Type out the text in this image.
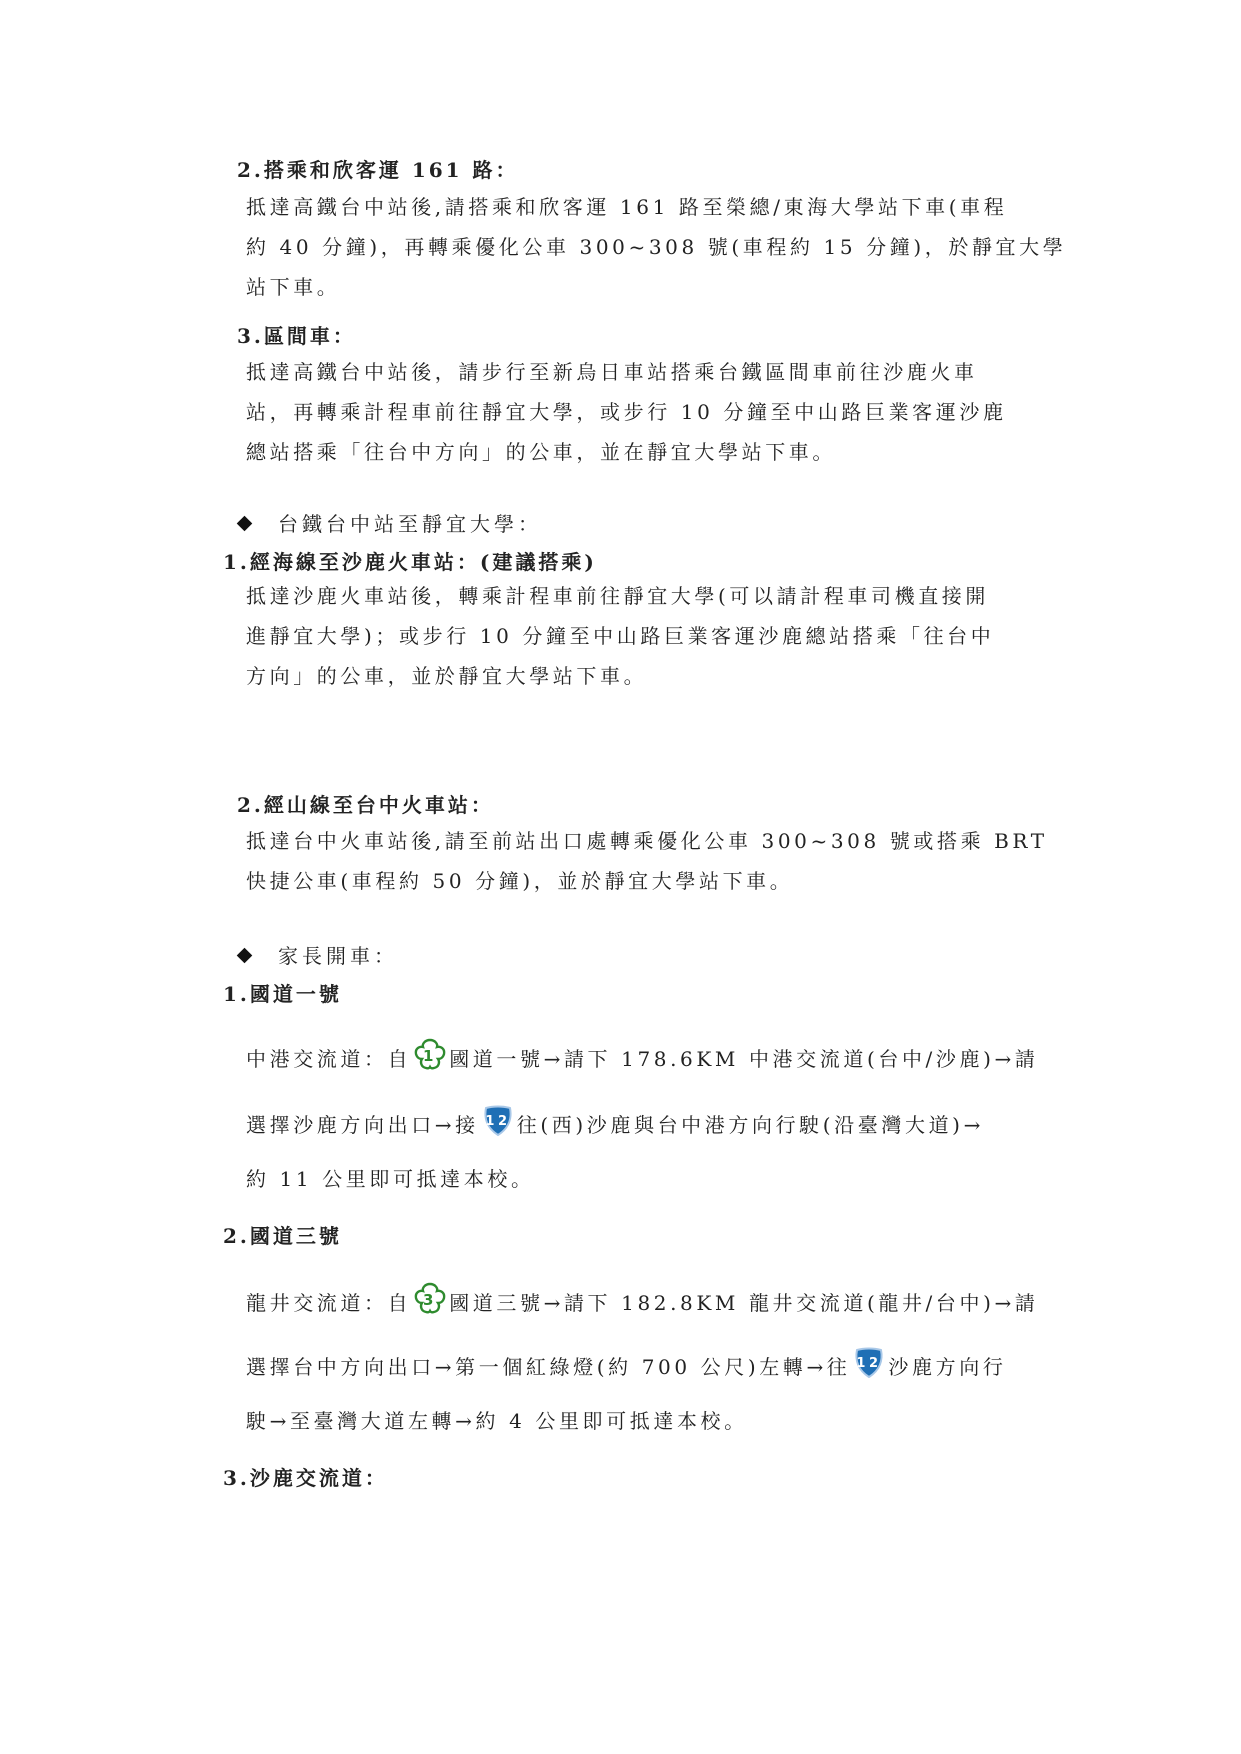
2.搭乘和欣客運 161 路：
抵達高鐵台中站後,請搭乘和欣客運 161 路至榮總/東海大學站下車(車程
約 40 分鐘)，再轉乘優化公車 300~308 號(車程約 15 分鐘)，於靜宜大學
站下車。
3.區間車：
抵達高鐵台中站後，請步行至新烏日車站搭乘台鐵區間車前往沙鹿火車
站，再轉乘計程車前往靜宜大學，或步行 10 分鐘至中山路巨業客運沙鹿
總站搭乘「往台中方向」的公車，並在靜宜大學站下車。
台鐵台中站至靜宜大學：
1.經海線至沙鹿火車站：(建議搭乘)
抵達沙鹿火車站後，轉乘計程車前往靜宜大學(可以請計程車司機直接開
進靜宜大學)；或步行 10 分鐘至中山路巨業客運沙鹿總站搭乘「往台中
方向」的公車，並於靜宜大學站下車。
2.經山線至台中火車站：
抵達台中火車站後,請至前站出口處轉乘優化公車 300~308 號或搭乘 BRT
快捷公車(車程約 50 分鐘)，並於靜宜大學站下車。
家長開車：
1.國道一號
中港交流道：自 1 國道一號→請下 178.6KM 中港交流道(台中/沙鹿)→請
選擇沙鹿方向出口→接 12 往(西)沙鹿與台中港方向行駛(沿臺灣大道)→
約 11 公里即可抵達本校。
2.國道三號
龍井交流道：自 3 國道三號→請下 182.8KM 龍井交流道(龍井/台中)→請
選擇台中方向出口→第一個紅綠燈(約 700 公尺)左轉→往 12 沙鹿方向行
駛→至臺灣大道左轉→約 4 公里即可抵達本校。
3.沙鹿交流道：
